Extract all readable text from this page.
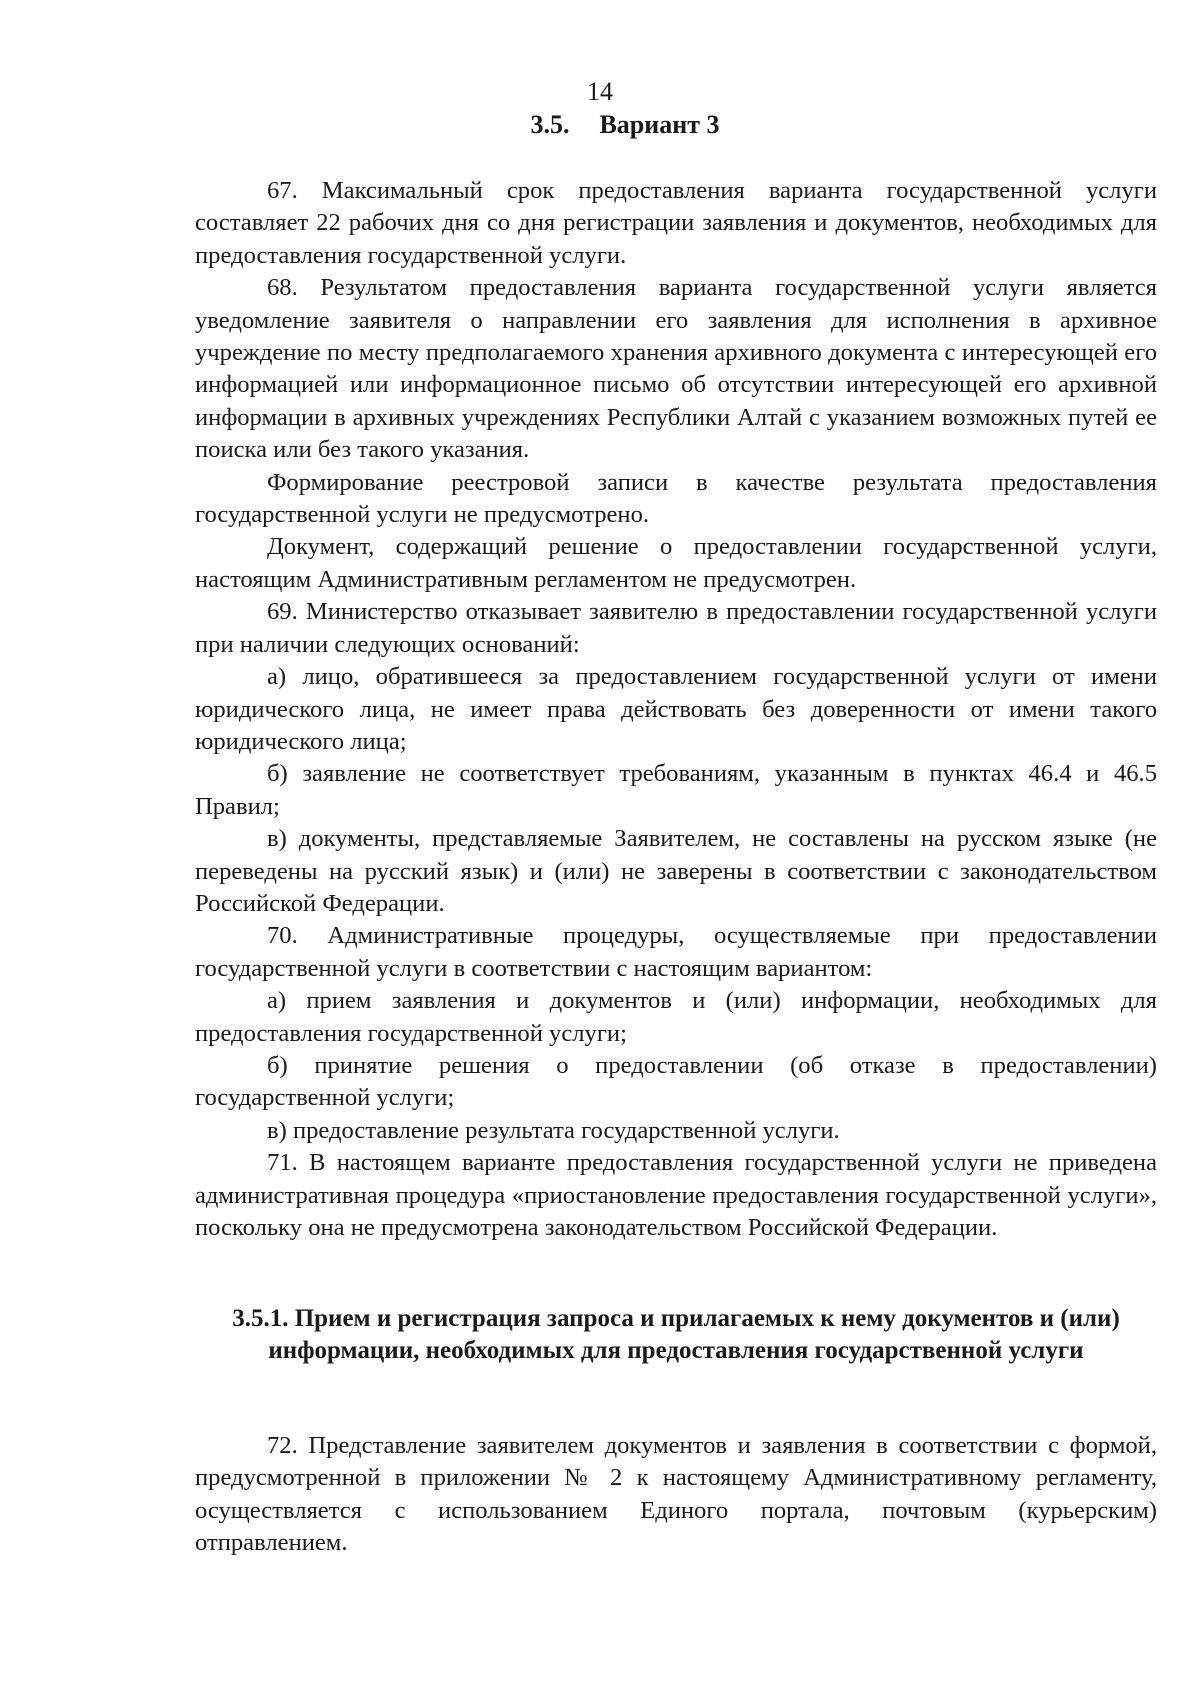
14
3.5. Вариант 3

67. Максимальный срок предоставления варианта государственной услуги составляет 22 рабочих дня со дня регистрации заявления и документов, необходимых для предоставления государственной услуги.

68. Результатом предоставления варианта государственной услуги является уведомление заявителя о направлении его заявления для исполнения в архивное учреждение по месту предполагаемого хранения архивного документа с интересующей его информацией или информационное письмо об отсутствии интересующей его архивной информации в архивных учреждениях Республики Алтай с указанием возможных путей ее поиска или без такого указания.

Формирование реестровой записи в качестве результата предоставления государственной услуги не предусмотрено.

Документ, содержащий решение о предоставлении государственной услуги, настоящим Административным регламентом не предусмотрен.

69. Министерство отказывает заявителю в предоставлении государственной услуги при наличии следующих оснований:

а) лицо, обратившееся за предоставлением государственной услуги от имени юридического лица, не имеет права действовать без доверенности от имени такого юридического лица;

б) заявление не соответствует требованиям, указанным в пунктах 46.4 и 46.5 Правил;

в) документы, представляемые Заявителем, не составлены на русском языке (не переведены на русский язык) и (или) не заверены в соответствии с законодательством Российской Федерации.

70. Административные процедуры, осуществляемые при предоставлении государственной услуги в соответствии с настоящим вариантом:

а) прием заявления и документов и (или) информации, необходимых для предоставления государственной услуги;

б) принятие решения о предоставлении (об отказе в предоставлении) государственной услуги;

в) предоставление результата государственной услуги.

71. В настоящем варианте предоставления государственной услуги не приведена административная процедура «приостановление предоставления государственной услуги», поскольку она не предусмотрена законодательством Российской Федерации.

3.5.1. Прием и регистрация запроса и прилагаемых к нему документов и (или) информации, необходимых для предоставления государственной услуги

72. Представление заявителем документов и заявления в соответствии с формой, предусмотренной в приложении № 2 к настоящему Административному регламенту, осуществляется с использованием Единого портала, почтовым (курьерским) отправлением.
